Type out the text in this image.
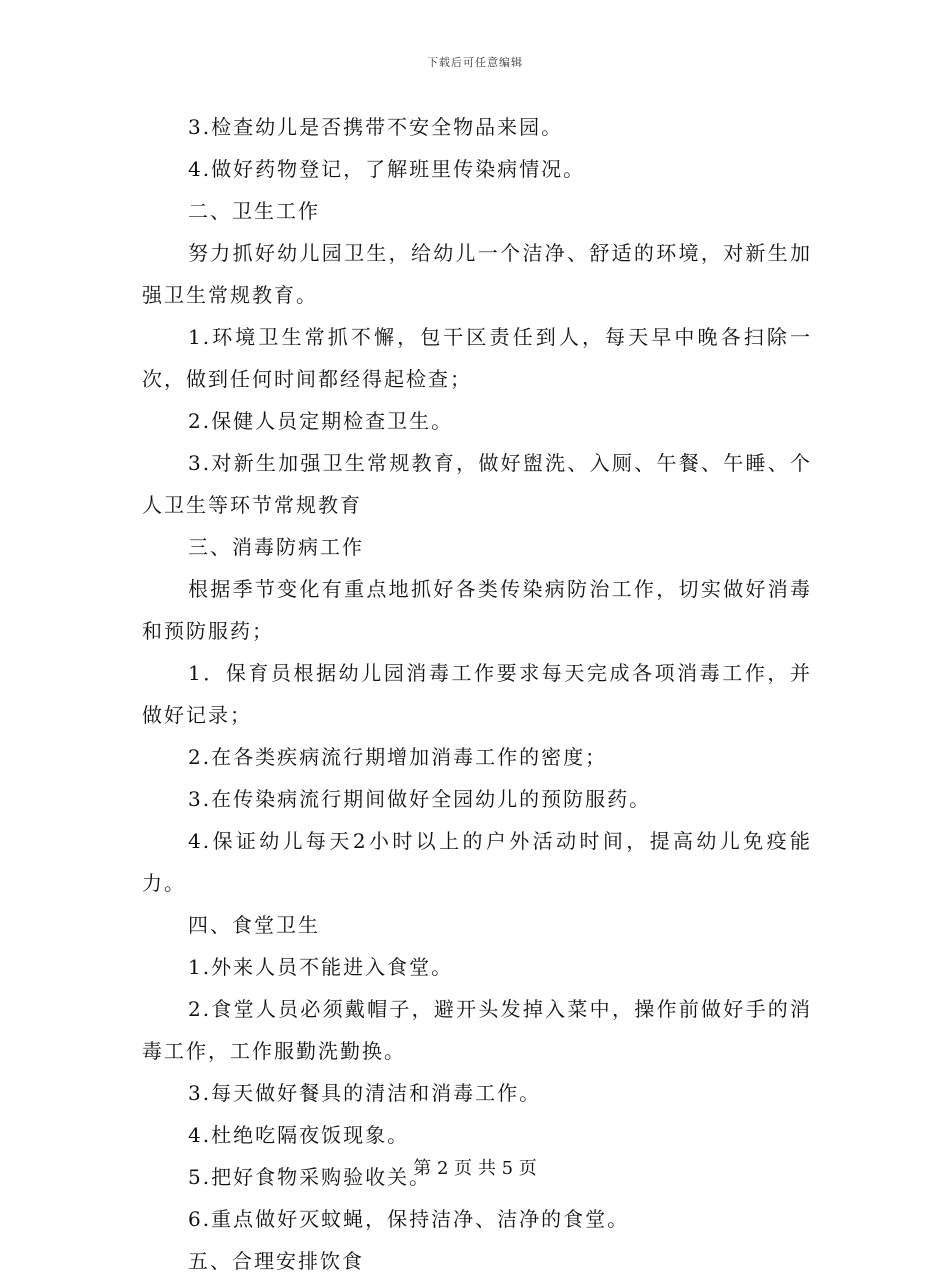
下载后可任意编辑

3.检查幼儿是否携带不安全物品来园。

4.做好药物登记，了解班里传染病情况。

二、卫生工作

努力抓好幼儿园卫生，给幼儿一个洁净、舒适的环境，对新生加强卫生常规教育。

1.环境卫生常抓不懈，包干区责任到人，每天早中晚各扫除一次，做到任何时间都经得起检查；

2.保健人员定期检查卫生。

3.对新生加强卫生常规教育，做好盥洗、入厕、午餐、午睡、个人卫生等环节常规教育

三、消毒防病工作

根据季节变化有重点地抓好各类传染病防治工作，切实做好消毒和预防服药；

1．保育员根据幼儿园消毒工作要求每天完成各项消毒工作，并做好记录；

2.在各类疾病流行期增加消毒工作的密度；

3.在传染病流行期间做好全园幼儿的预防服药。

4.保证幼儿每天2小时以上的户外活动时间，提高幼儿免疫能力。

四、食堂卫生

1.外来人员不能进入食堂。

2.食堂人员必须戴帽子，避开头发掉入菜中，操作前做好手的消毒工作，工作服勤洗勤换。

3.每天做好餐具的清洁和消毒工作。

4.杜绝吃隔夜饭现象。

5.把好食物采购验收关。

6.重点做好灭蚊蝇，保持洁净、洁净的食堂。

五、合理安排饮食

第 2 页 共 5 页
